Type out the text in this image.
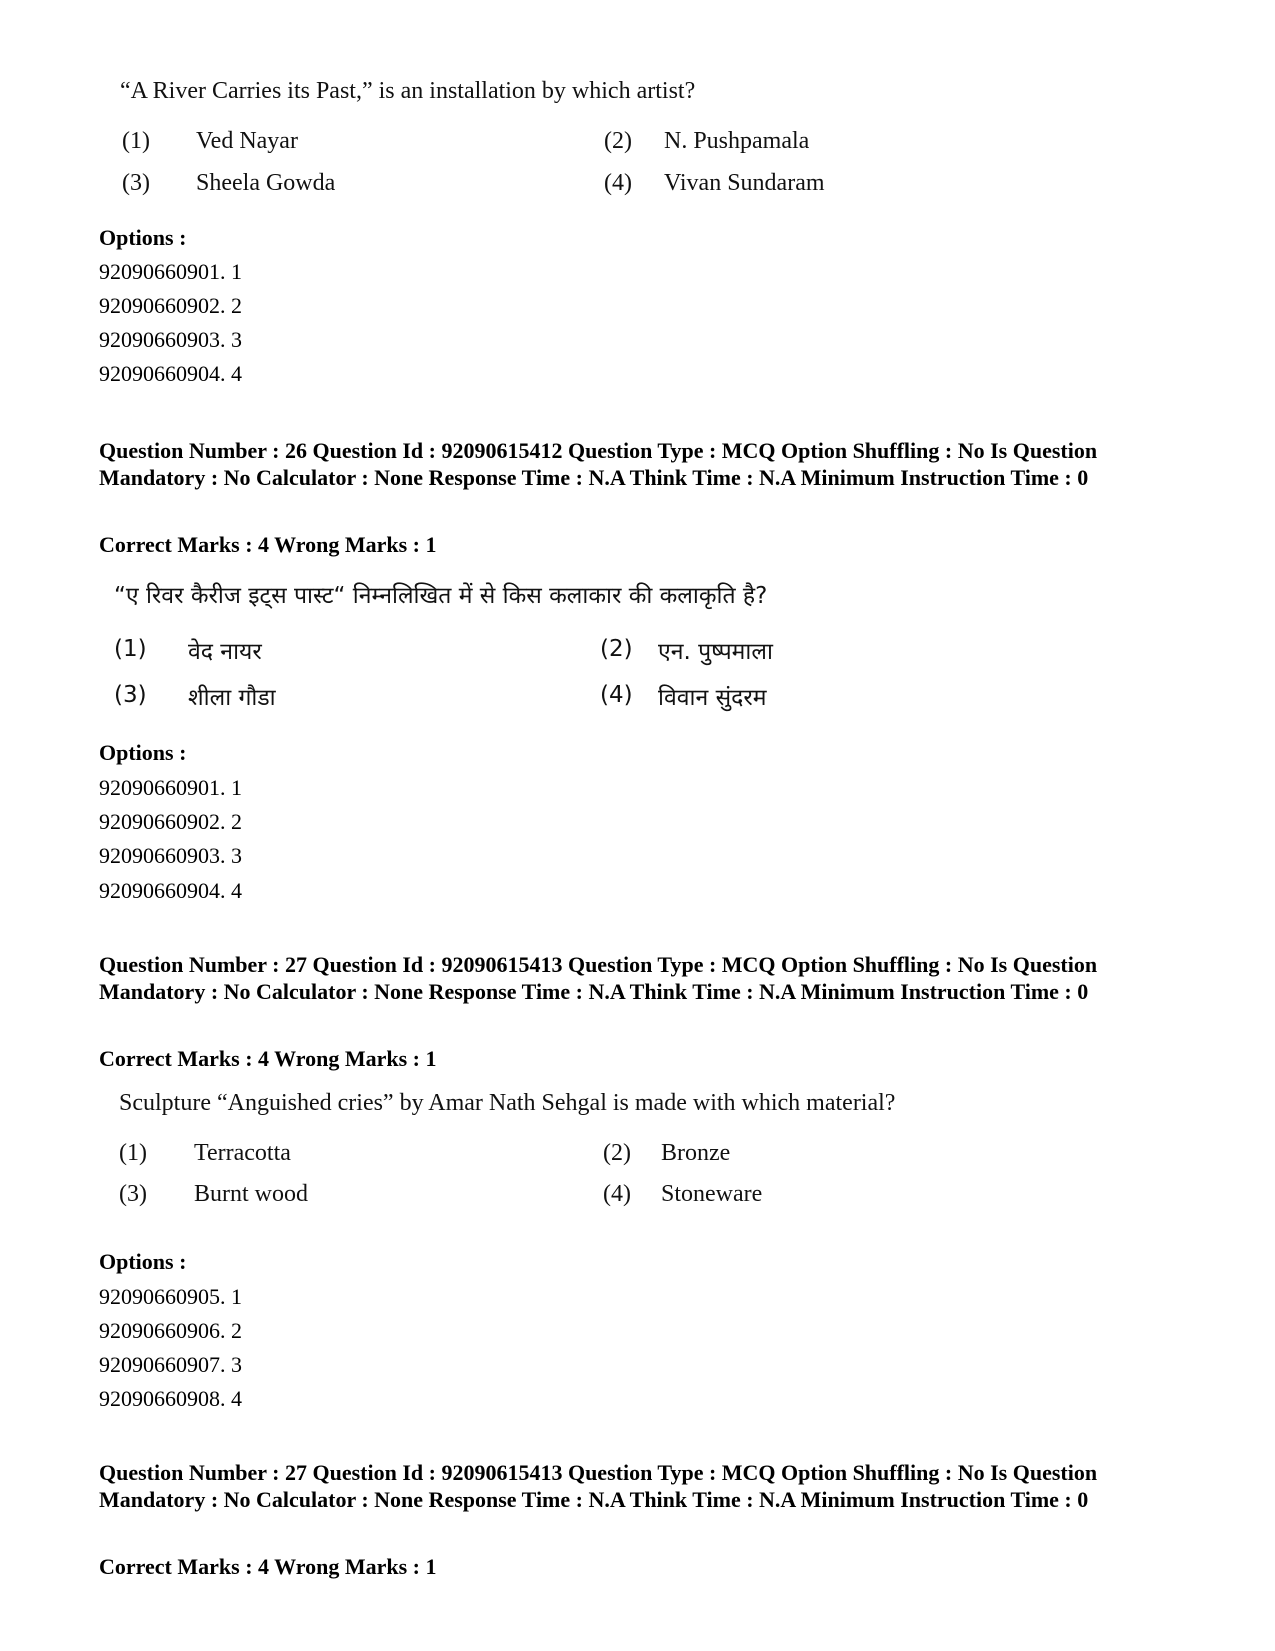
“A River Carries its Past,” is an installation by which artist?
(1) Ved Nayar	(2) N. Pushpamala
(3) Sheela Gowda	(4) Vivan Sundaram
Options :
92090660901. 1
92090660902. 2
92090660903. 3
92090660904. 4
Question Number : 26 Question Id : 92090615412 Question Type : MCQ Option Shuffling : No Is Question Mandatory : No Calculator : None Response Time : N.A Think Time : N.A Minimum Instruction Time : 0
Correct Marks : 4 Wrong Marks : 1
“ए रिवर कैरीज इट्स पास्ट“ निम्नलिखित में से किस कलाकार की कलाकृति है?
(1) वेद नायर	(2) एन. पुष्पमाला
(3) शीला गौडा	(4) विवान सुंदरम
Options :
92090660901. 1
92090660902. 2
92090660903. 3
92090660904. 4
Question Number : 27 Question Id : 92090615413 Question Type : MCQ Option Shuffling : No Is Question Mandatory : No Calculator : None Response Time : N.A Think Time : N.A Minimum Instruction Time : 0
Correct Marks : 4 Wrong Marks : 1
Sculpture “Anguished cries” by Amar Nath Sehgal is made with which material?
(1) Terracotta	(2) Bronze
(3) Burnt wood	(4) Stoneware
Options :
92090660905. 1
92090660906. 2
92090660907. 3
92090660908. 4
Question Number : 27 Question Id : 92090615413 Question Type : MCQ Option Shuffling : No Is Question Mandatory : No Calculator : None Response Time : N.A Think Time : N.A Minimum Instruction Time : 0
Correct Marks : 4 Wrong Marks : 1
